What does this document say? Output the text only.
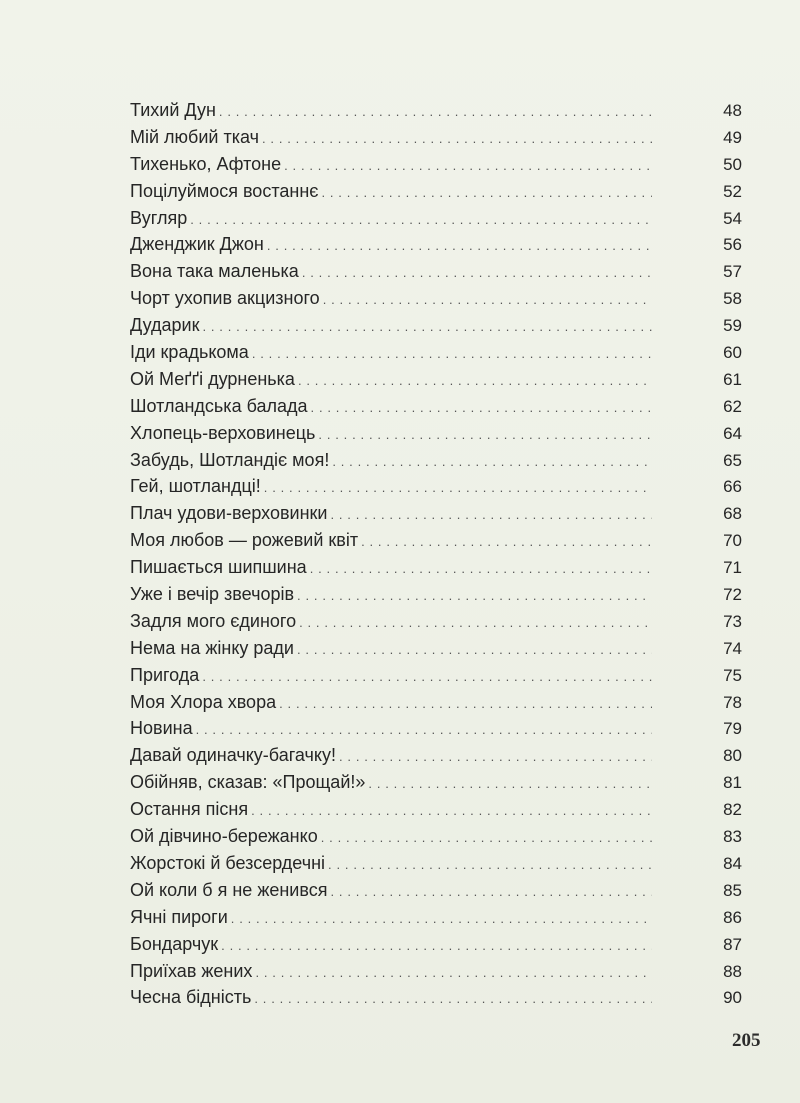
Тихий Дун . . .	48
Мій любий ткач . . .	49
Тихенько, Афтоне . . .	50
Поцілуймося востаннє . . .	52
Вугляр . . .	54
Дженджик Джон . . .	56
Вона така маленька . . .	57
Чорт ухопив акцизного . . .	58
Дударик . . .	59
Іди крадькома . . .	60
Ой Меґґі дурненька . . .	61
Шотландська балада . . .	62
Хлопець-верховинець . . .	64
Забудь, Шотландіє моя! . . .	65
Гей, шотландці! . . .	66
Плач удови-верховинки . . .	68
Моя любов — рожевий квіт . . .	70
Пишається шипшина . . .	71
Уже і вечір звечорів . . .	72
Задля мого єдиного . . .	73
Нема на жінку ради . . .	74
Пригода . . .	75
Моя Хлора хвора . . .	78
Новина . . .	79
Давай одиначку-багачку! . . .	80
Обійняв, сказав: «Прощай!» . . .	81
Остання пісня . . .	82
Ой дівчино-бережанко . . .	83
Жорстокі й безсердечні . . .	84
Ой коли б я не женився . . .	85
Ячні пироги . . .	86
Бондарчук . . .	87
Приїхав жених . . .	88
Чесна бідність . . .	90
205
